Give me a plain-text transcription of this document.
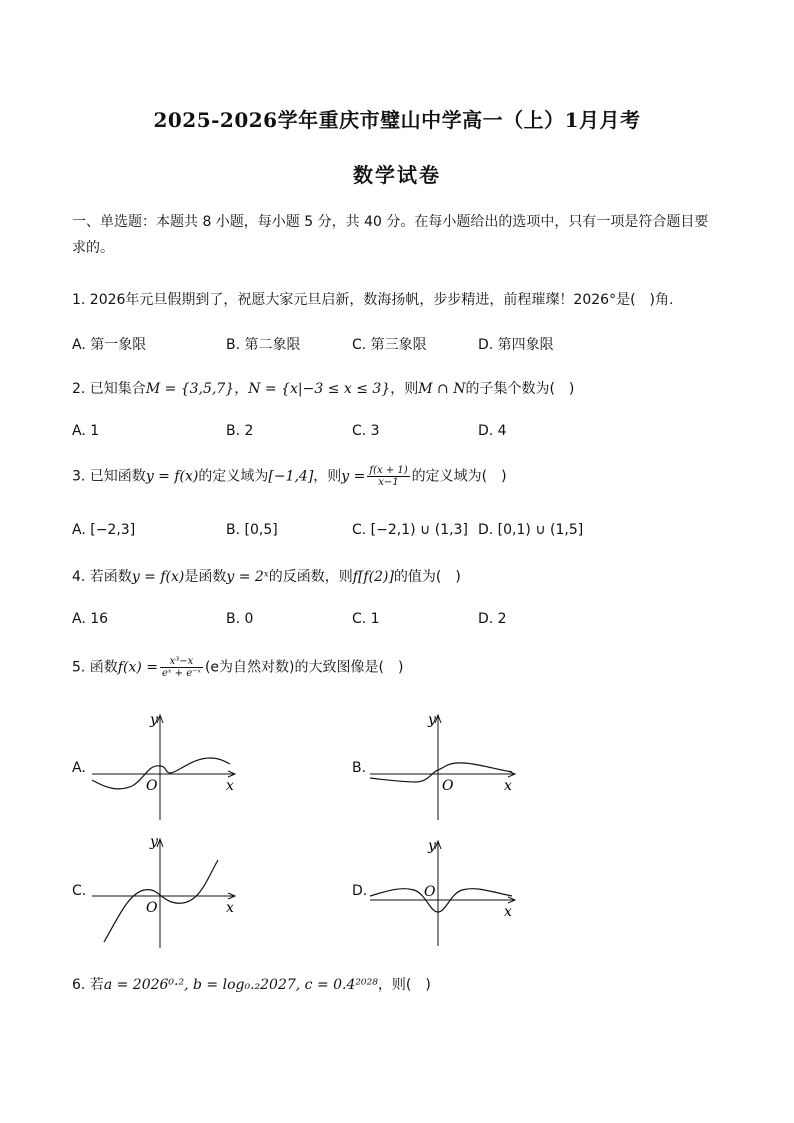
2025-2026学年重庆市璧山中学高一（上）1月月考
数学试卷
一、单选题：本题共 8 小题，每小题 5 分，共 40 分。在每小题给出的选项中，只有一项是符合题目要求的。
1. 2026年元旦假期到了，祝愿大家元旦启新，数海扬帆，步步精进，前程璀璨！2026°是(　)角.
A. 第一象限	B. 第二象限	C. 第三象限	D. 第四象限
2. 已知集合M = {3,5,7}，N = {x|−3 ≤ x ≤ 3}，则M ∩ N的子集个数为(　)
A. 1	B. 2	C. 3	D. 4
3. 已知函数y = f(x)的定义域为[−1,4]，则$y = \frac{f(x + 1)}{x-1}$ 的定义域为(　)
A. [−2,3]	B. [0,5]	C. [−2,1) ∪ (1,3] D. [0,1) ∪ (1,5]
4. 若函数y = f(x)是函数y = 2ˣ的反函数，则f[f(2)]的值为(　)
A. 16	B. 0	C. 1	D. 2
5. 函数$f(x) = \frac{\text{x³−x}}{\text{eˣ + e⁻ˣ}} (e$为自然对数)的大致图像是(　)
A.
y
x
O
B.
y
x
O
C.
y
x
O
D.
y
x
O
6. 若a = 2026⁰·², b = log₀.₂2027, c = 0.4²⁰²⁸，则(　)
